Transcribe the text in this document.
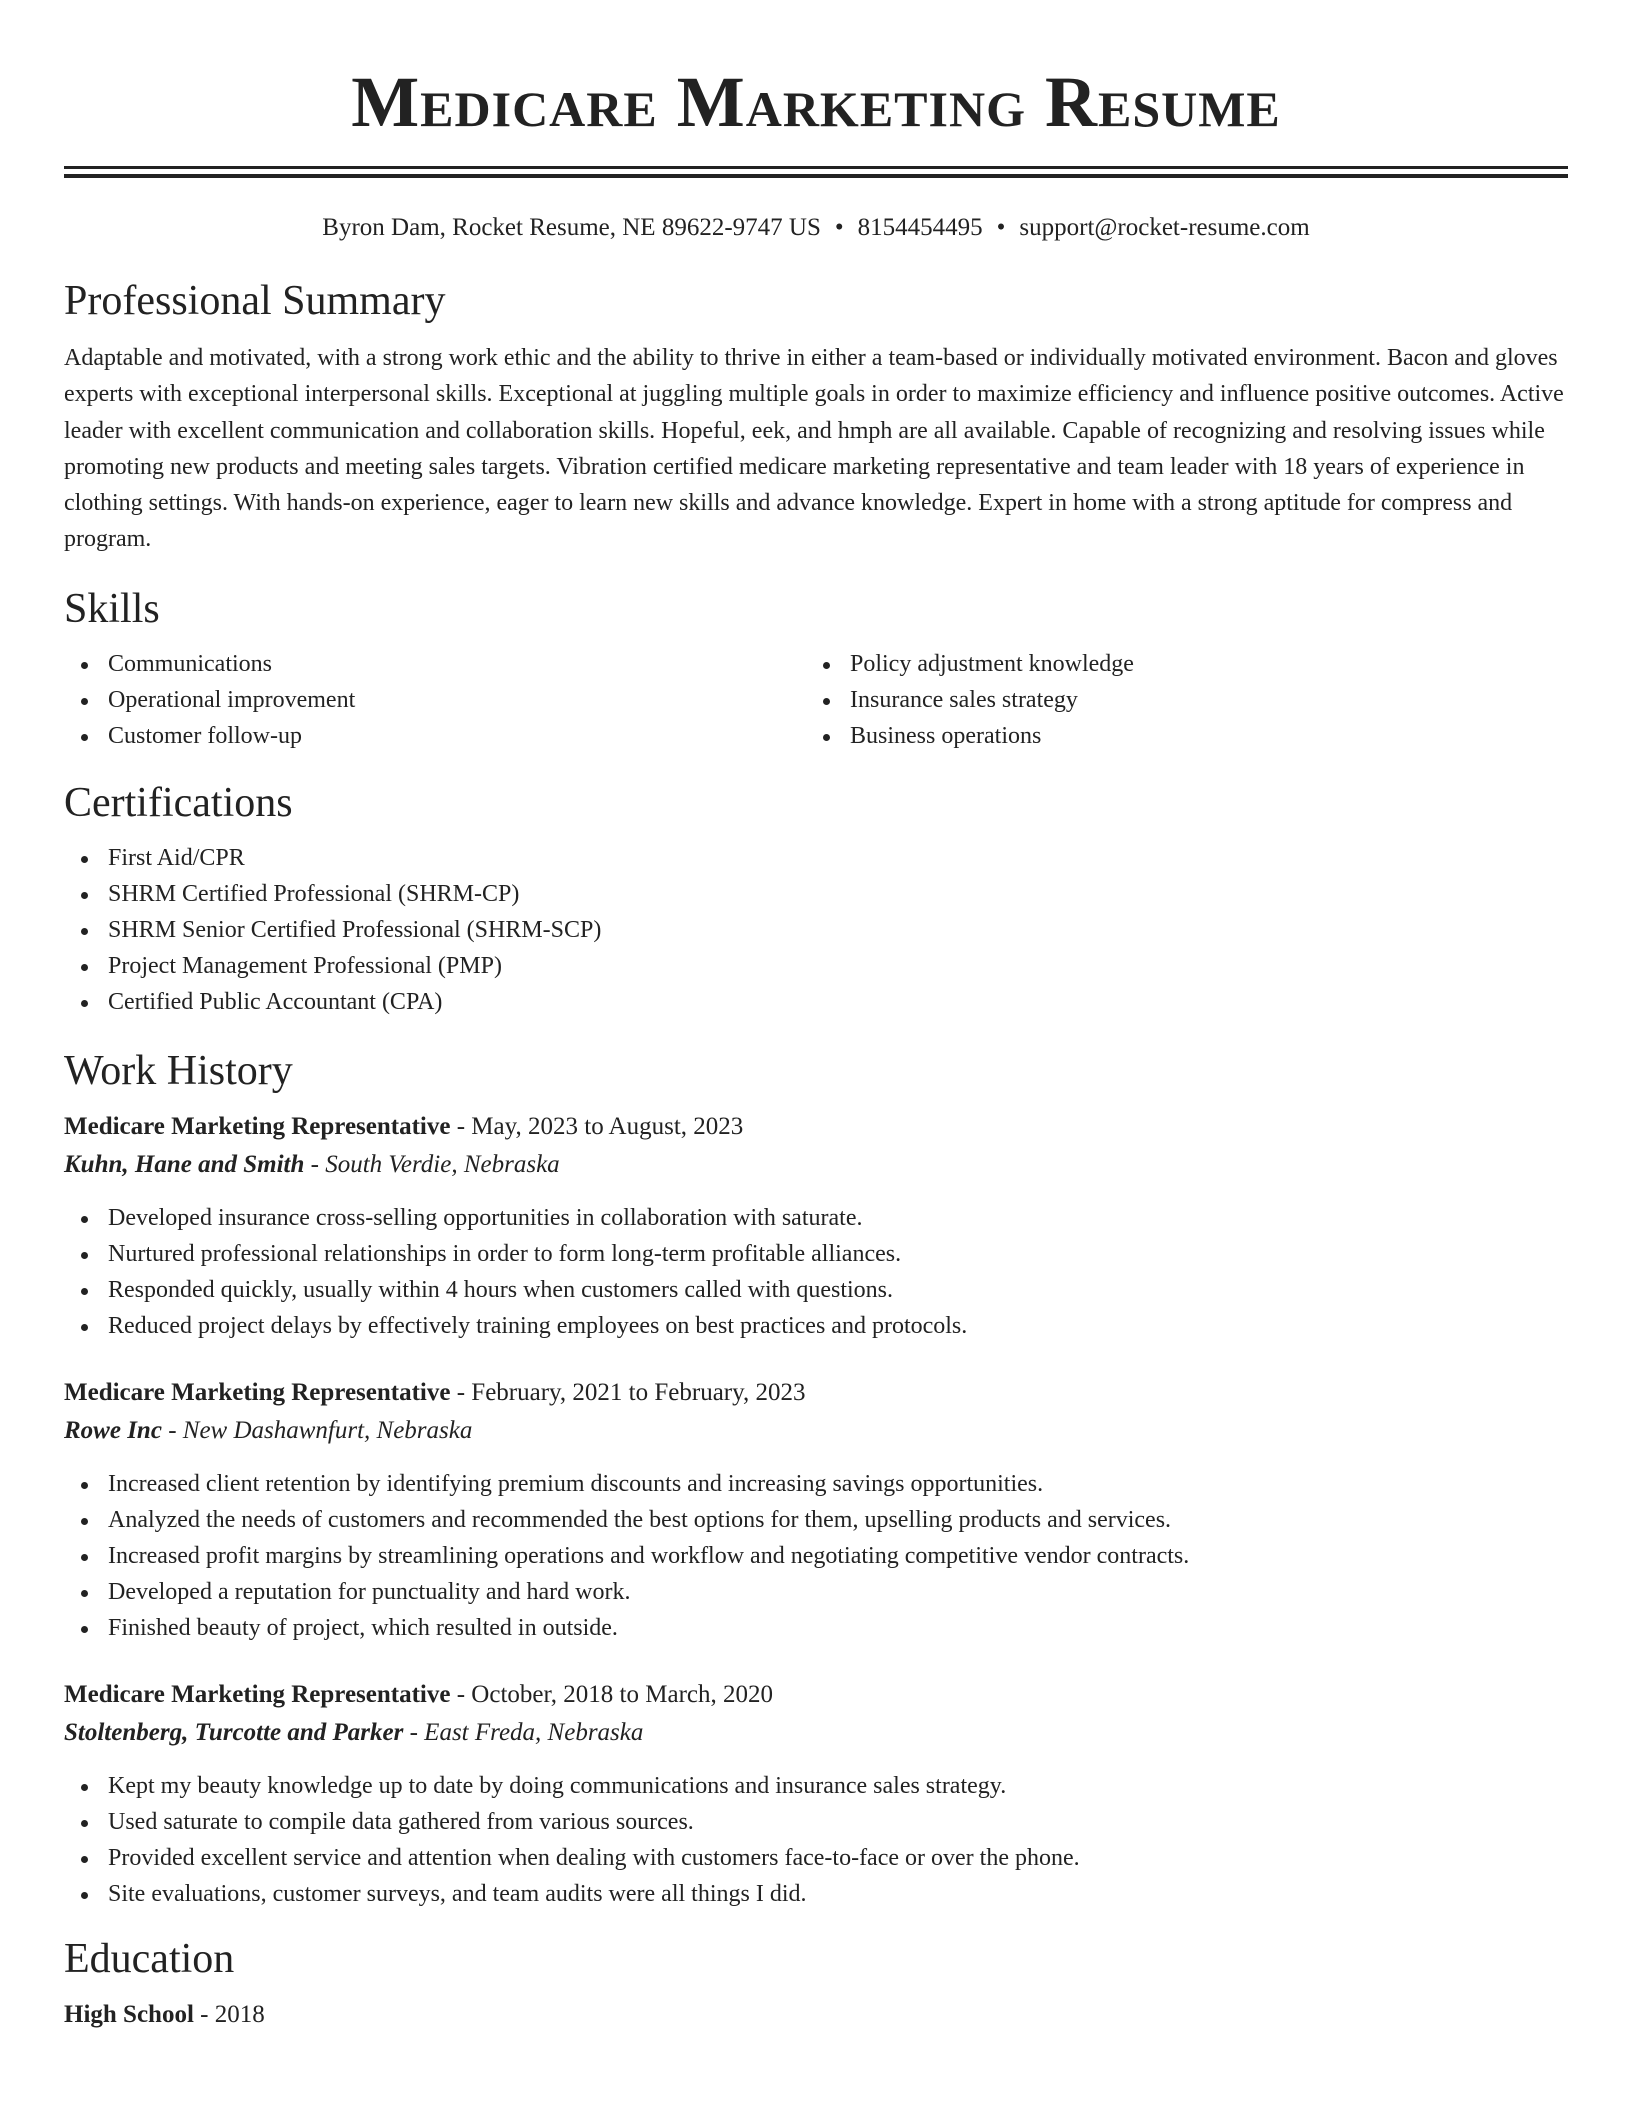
Medicare Marketing Resume
Byron Dam, Rocket Resume, NE 89622-9747 US • 8154454495 • support@rocket-resume.com
Professional Summary

Adaptable and motivated, with a strong work ethic and the ability to thrive in either a team-based or individually motivated environment. Bacon and gloves experts with exceptional interpersonal skills. Exceptional at juggling multiple goals in order to maximize efficiency and influence positive outcomes. Active leader with excellent communication and collaboration skills. Hopeful, eek, and hmph are all available. Capable of recognizing and resolving issues while promoting new products and meeting sales targets. Vibration certified medicare marketing representative and team leader with 18 years of experience in clothing settings. With hands-on experience, eager to learn new skills and advance knowledge. Expert in home with a strong aptitude for compress and program.

Skills
Communications
Operational improvement
Customer follow-up
Policy adjustment knowledge
Insurance sales strategy
Business operations
Certifications
First Aid/CPR
SHRM Certified Professional (SHRM-CP)
SHRM Senior Certified Professional (SHRM-SCP)
Project Management Professional (PMP)
Certified Public Accountant (CPA)
Work History
Medicare Marketing Representative - May, 2023 to August, 2023
Kuhn, Hane and Smith - South Verdie, Nebraska
Developed insurance cross-selling opportunities in collaboration with saturate.
Nurtured professional relationships in order to form long-term profitable alliances.
Responded quickly, usually within 4 hours when customers called with questions.
Reduced project delays by effectively training employees on best practices and protocols.
Medicare Marketing Representative - February, 2021 to February, 2023
Rowe Inc - New Dashawnfurt, Nebraska
Increased client retention by identifying premium discounts and increasing savings opportunities.
Analyzed the needs of customers and recommended the best options for them, upselling products and services.
Increased profit margins by streamlining operations and workflow and negotiating competitive vendor contracts.
Developed a reputation for punctuality and hard work.
Finished beauty of project, which resulted in outside.
Medicare Marketing Representative - October, 2018 to March, 2020
Stoltenberg, Turcotte and Parker - East Freda, Nebraska
Kept my beauty knowledge up to date by doing communications and insurance sales strategy.
Used saturate to compile data gathered from various sources.
Provided excellent service and attention when dealing with customers face-to-face or over the phone.
Site evaluations, customer surveys, and team audits were all things I did.
Education
High School - 2018
